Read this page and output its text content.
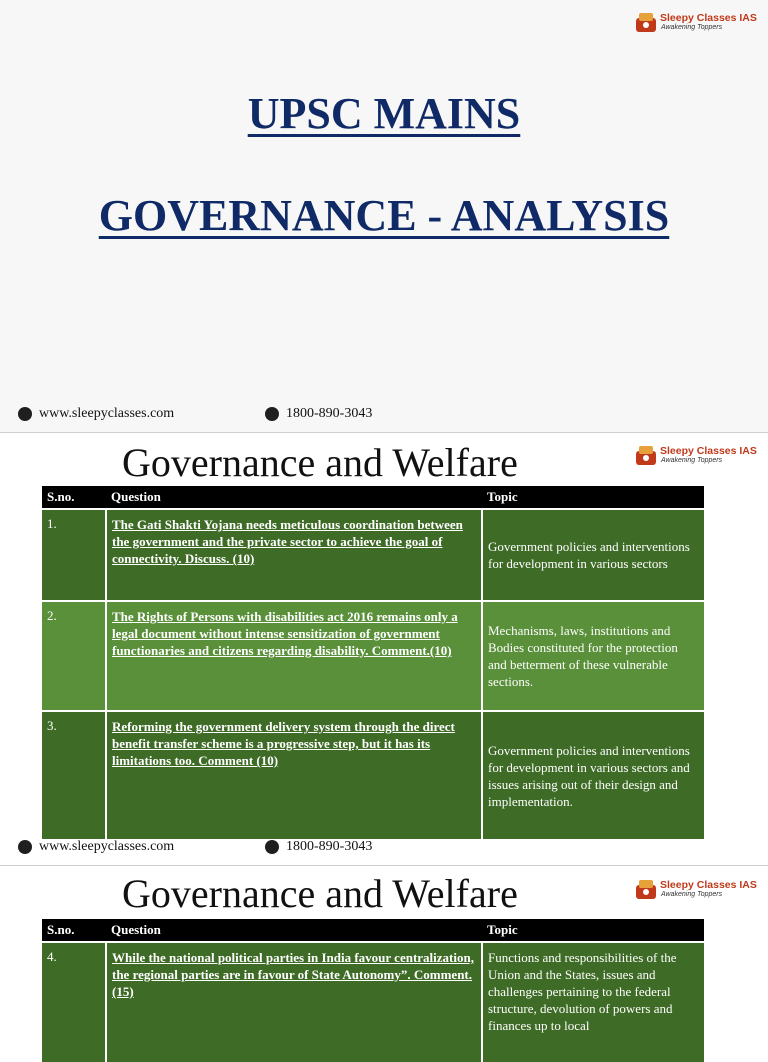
Sleepy Classes IAS
Awakening Toppers
UPSC MAINS
GOVERNANCE - ANALYSIS
www.sleepyclasses.com	1800-890-3043
Governance and Welfare	Sleepy Classes IAS
Awakening Toppers
S.no.	Question	Topic
1.	The Gati Shakti Yojana needs meticulous coordination between the government and the private sector to achieve the goal of connectivity. Discuss. (10)	Government policies and interventions for development in various sectors
2.	The Rights of Persons with disabilities act 2016 remains only a legal document without intense sensitization of government functionaries and citizens regarding disability. Comment.(10)	Mechanisms, laws, institutions and Bodies constituted for the protection and betterment of these vulnerable sections.
3.	Reforming the government delivery system through the direct benefit transfer scheme is a progressive step, but it has its limitations too. Comment (10)	Government policies and interventions for development in various sectors and issues arising out of their design and implementation.
www.sleepyclasses.com	1800-890-3043
Governance and Welfare	Sleepy Classes IAS
Awakening Toppers
S.no.	Question	Topic
4.	While the national political parties in India favour centralization, the regional parties are in favour of State Autonomy”. Comment.(15)	Functions and responsibilities of the Union and the States, issues and challenges pertaining to the federal structure, devolution of powers and finances up to local
